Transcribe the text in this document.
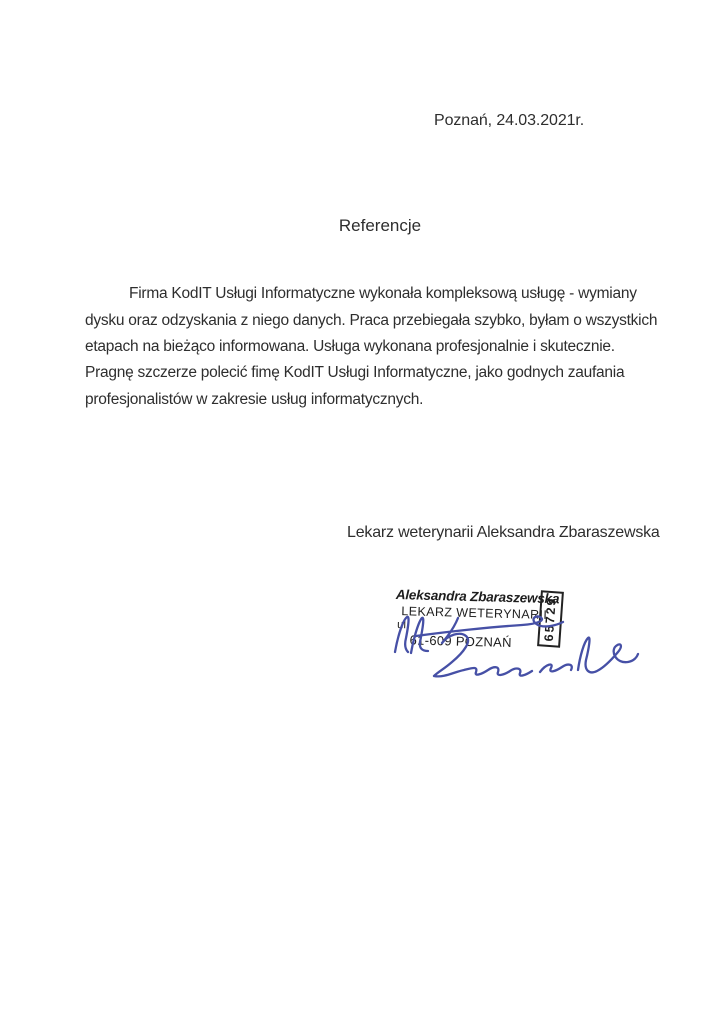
Poznań, 24.03.2021r.
Referencje
Firma KodIT Usługi Informatyczne wykonała kompleksową usługę - wymiany
dysku oraz odzyskania z niego danych. Praca przebiegała szybko, byłam o wszystkich
etapach na bieżąco informowana. Usługa wykonana profesjonalnie i skutecznie.
Pragnę szczerze polecić fimę KodIT Usługi Informatyczne, jako godnych zaufania
profesjonalistów w zakresie usług informatycznych.
Lekarz weterynarii Aleksandra Zbaraszewska
Aleksandra Zbaraszewska
LEKARZ WETERYNARII
ul.
61-609 POZNAŃ	65729
